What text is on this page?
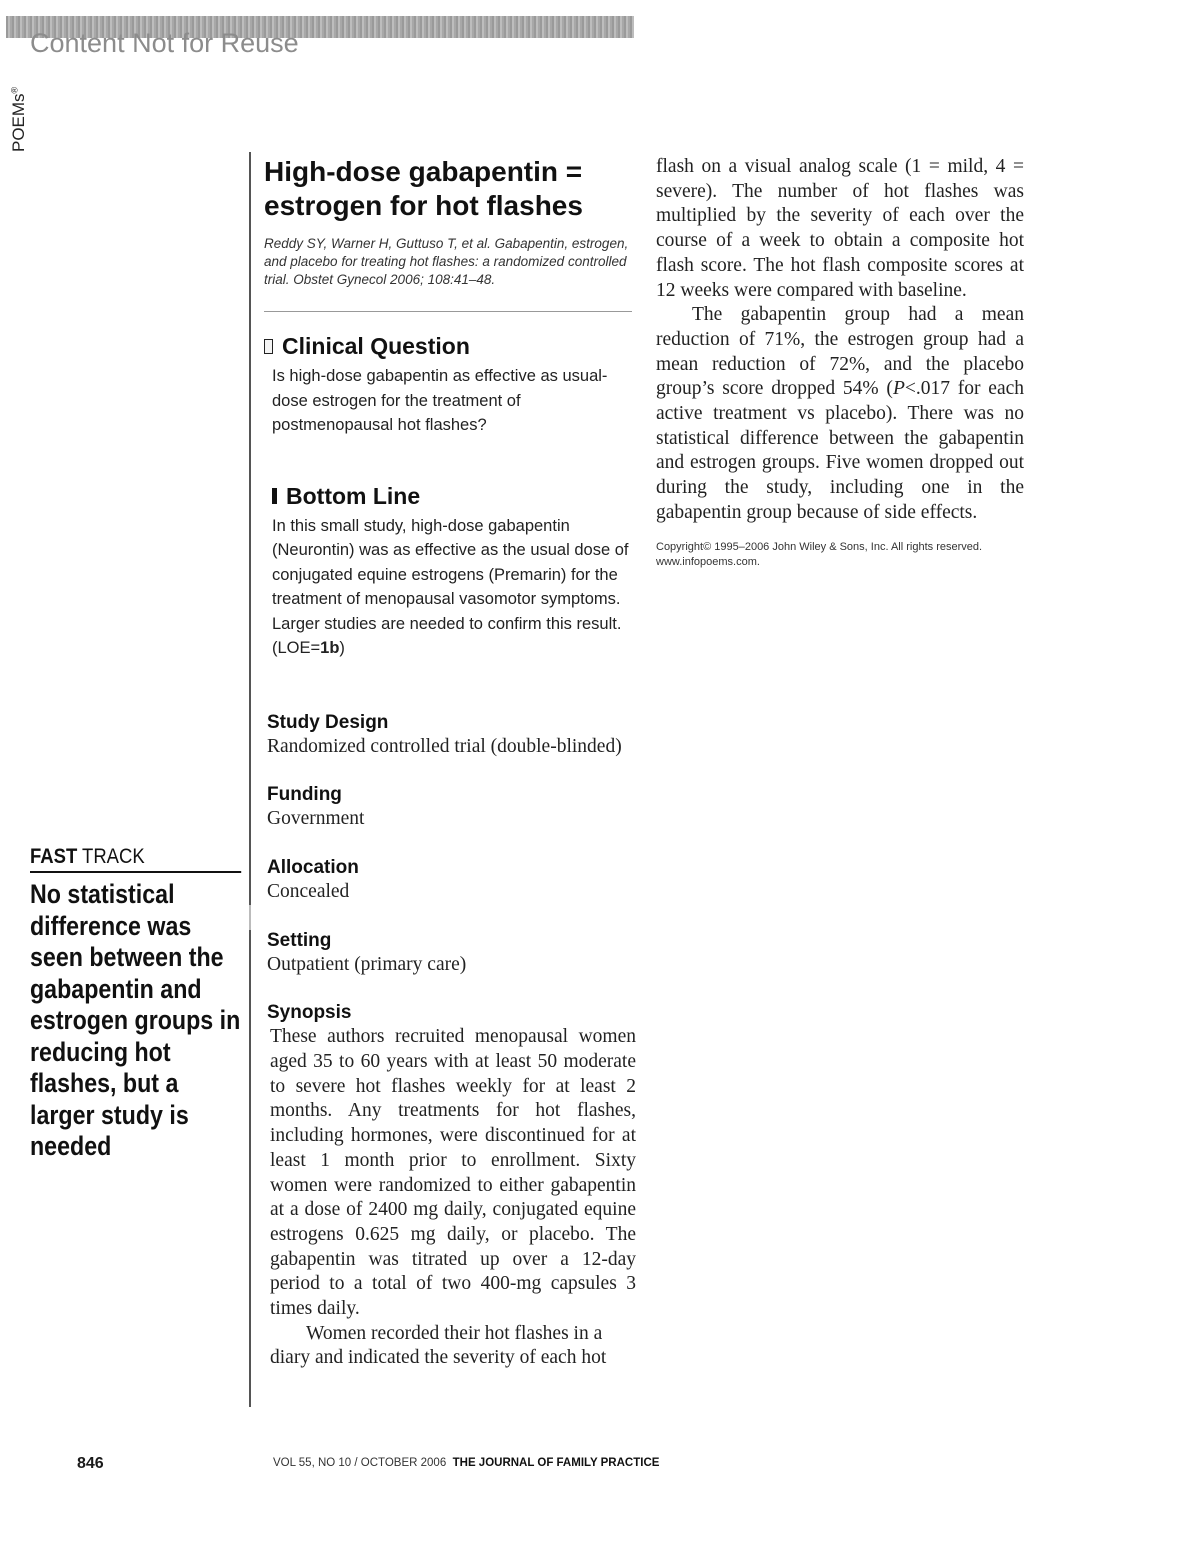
Content Not for Reuse
POEMs®
High-dose gabapentin = estrogen for hot flashes

Reddy SY, Warner H, Guttuso T, et al. Gabapentin, estrogen, and placebo for treating hot flashes: a randomized controlled trial. Obstet Gynecol 2006; 108:41–48.

Clinical Question

Is high-dose gabapentin as effective as usual-dose estrogen for the treatment of postmenopausal hot flashes?

Bottom Line

In this small study, high-dose gabapentin (Neurontin) was as effective as the usual dose of conjugated equine estrogens (Premarin) for the treatment of menopausal vasomotor symptoms. Larger studies are needed to confirm this result. (LOE=1b)

Study Design
Randomized controlled trial (double-blinded)
Funding
Government
Allocation
Concealed
Setting
Outpatient (primary care)
Synopsis

These authors recruited menopausal women aged 35 to 60 years with at least 50 moderate to severe hot flashes weekly for at least 2 months. Any treatments for hot flashes, including hormones, were discontinued for at least 1 month prior to enrollment. Sixty women were randomized to either gabapentin at a dose of 2400 mg daily, conjugated equine estrogens 0.625 mg daily, or placebo. The gabapentin was titrated up over a 12-day period to a total of two 400-mg capsules 3 times daily.

Women recorded their hot flashes in a diary and indicated the severity of each hot

flash on a visual analog scale (1 = mild, 4 = severe). The number of hot flashes was multiplied by the severity of each over the course of a week to obtain a composite hot flash score. The hot flash composite scores at 12 weeks were compared with baseline.

The gabapentin group had a mean reduction of 71%, the estrogen group had a mean reduction of 72%, and the placebo group’s score dropped 54% (P<.017 for each active treatment vs placebo). There was no statistical difference between the gabapentin and estrogen groups. Five women dropped out during the study, including one in the gabapentin group because of side effects.

Copyright© 1995–2006 John Wiley & Sons, Inc. All rights reserved.
www.infopoems.com.

FAST TRACK
No statistical difference was seen between the gabapentin and estrogen groups in reducing hot flashes, but a larger study is needed
846	VOL 55, NO 10 / OCTOBER 2006 THE JOURNAL OF FAMILY PRACTICE
